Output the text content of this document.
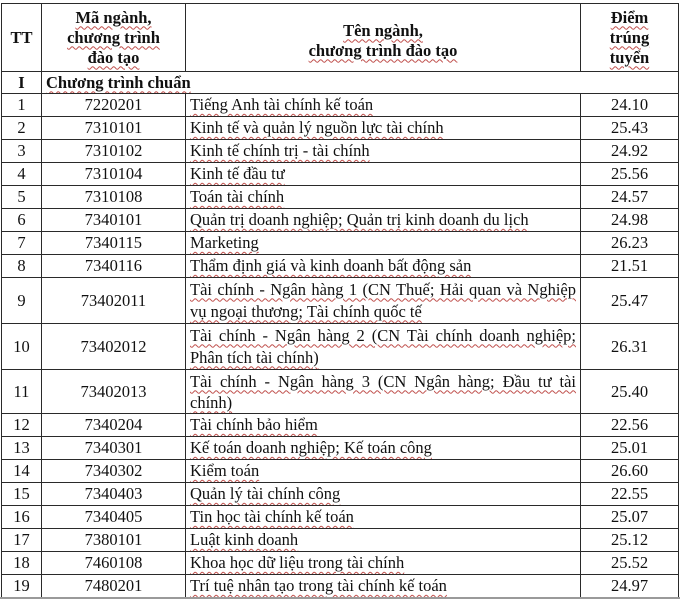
TT	Mã ngành,
chương trình
đào tạo	Tên ngành,
chương trình đào tạo	Điểm
trúng
tuyển
I	Chương trình chuẩn		
1	7220201	Tiếng Anh tài chính kế toán	24.10
2	7310101	Kinh tế và quản lý nguồn lực tài chính	25.43
3	7310102	Kinh tế chính trị - tài chính	24.92
4	7310104	Kinh tế đầu tư	25.56
5	7310108	Toán tài chính	24.57
6	7340101	Quản trị doanh nghiệp; Quản trị kinh doanh du lịch	24.98
7	7340115	Marketing	26.23
8	7340116	Thẩm định giá và kinh doanh bất động sản	21.51
9	73402011	Tài chính - Ngân hàng 1 (CN Thuế; Hải quan và Nghiệp vụ ngoại thương; Tài chính quốc tế	25.47
10	73402012	Tài chính - Ngân hàng 2 (CN Tài chính doanh nghiệp; Phân tích tài chính)	26.31
11	73402013	Tài chính - Ngân hàng 3 (CN Ngân hàng; Đầu tư tài chính)	25.40
12	7340204	Tài chính bảo hiểm	22.56
13	7340301	Kế toán doanh nghiệp; Kế toán công	25.01
14	7340302	Kiểm toán	26.60
15	7340403	Quản lý tài chính công	22.55
16	7340405	Tin học tài chính kế toán	25.07
17	7380101	Luật kinh doanh	25.12
18	7460108	Khoa học dữ liệu trong tài chính	25.52
19	7480201	Trí tuệ nhân tạo trong tài chính kế toán	24.97
